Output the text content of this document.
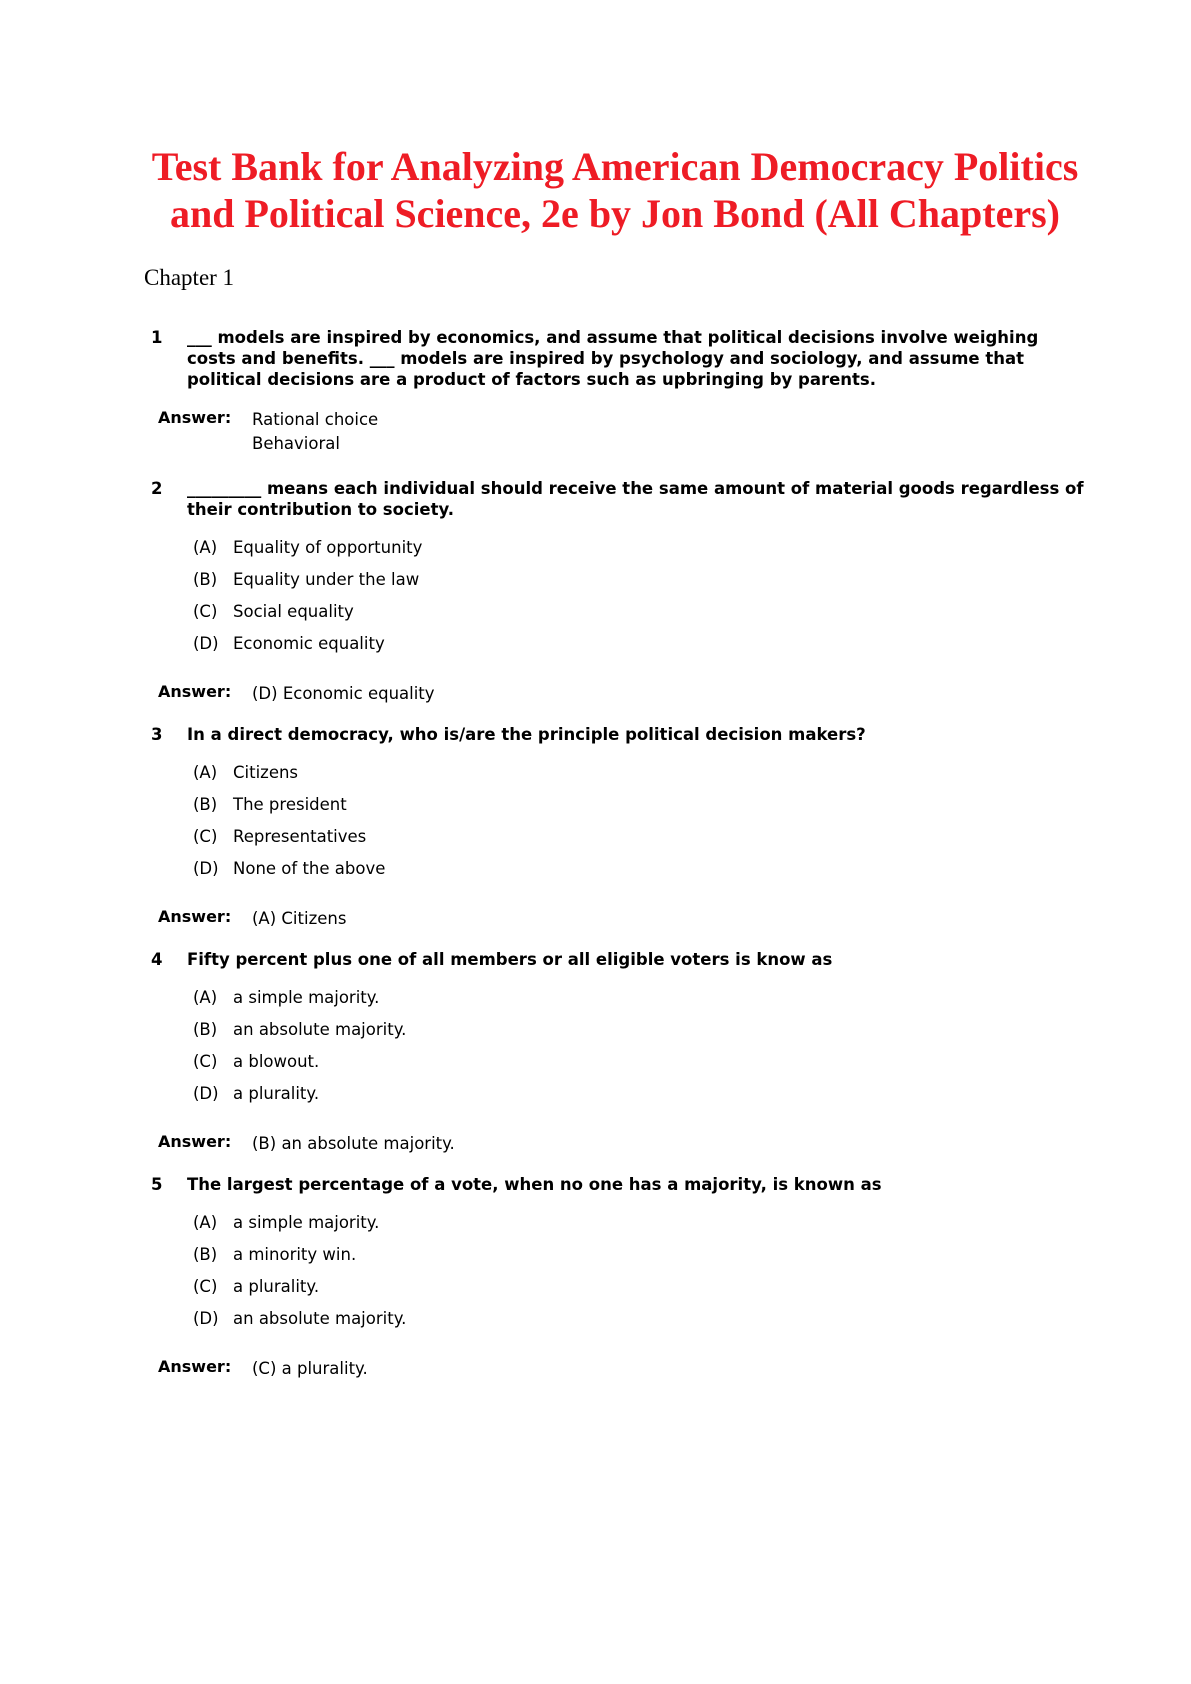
Test Bank for Analyzing American Democracy Politics and Political Science, 2e by Jon Bond (All Chapters)

Chapter 1

1 ___ models are inspired by economics, and assume that political decisions involve weighing costs and benefits. ___ models are inspired by psychology and sociology, and assume that political decisions are a product of factors such as upbringing by parents.

Answer: Rational choice
Behavioral
2 _________ means each individual should receive the same amount of material goods regardless of their contribution to society.

(A) Equality of opportunity
(B) Equality under the law
(C) Social equality
(D) Economic equality
Answer: (D) Economic equality
3 In a direct democracy, who is/are the principle political decision makers?

(A) Citizens
(B) The president
(C) Representatives
(D) None of the above
Answer: (A) Citizens
4 Fifty percent plus one of all members or all eligible voters is know as

(A) a simple majority.
(B) an absolute majority.
(C) a blowout.
(D) a plurality.
Answer: (B) an absolute majority.
5 The largest percentage of a vote, when no one has a majority, is known as

(A) a simple majority.
(B) a minority win.
(C) a plurality.
(D) an absolute majority.
Answer: (C) a plurality.
